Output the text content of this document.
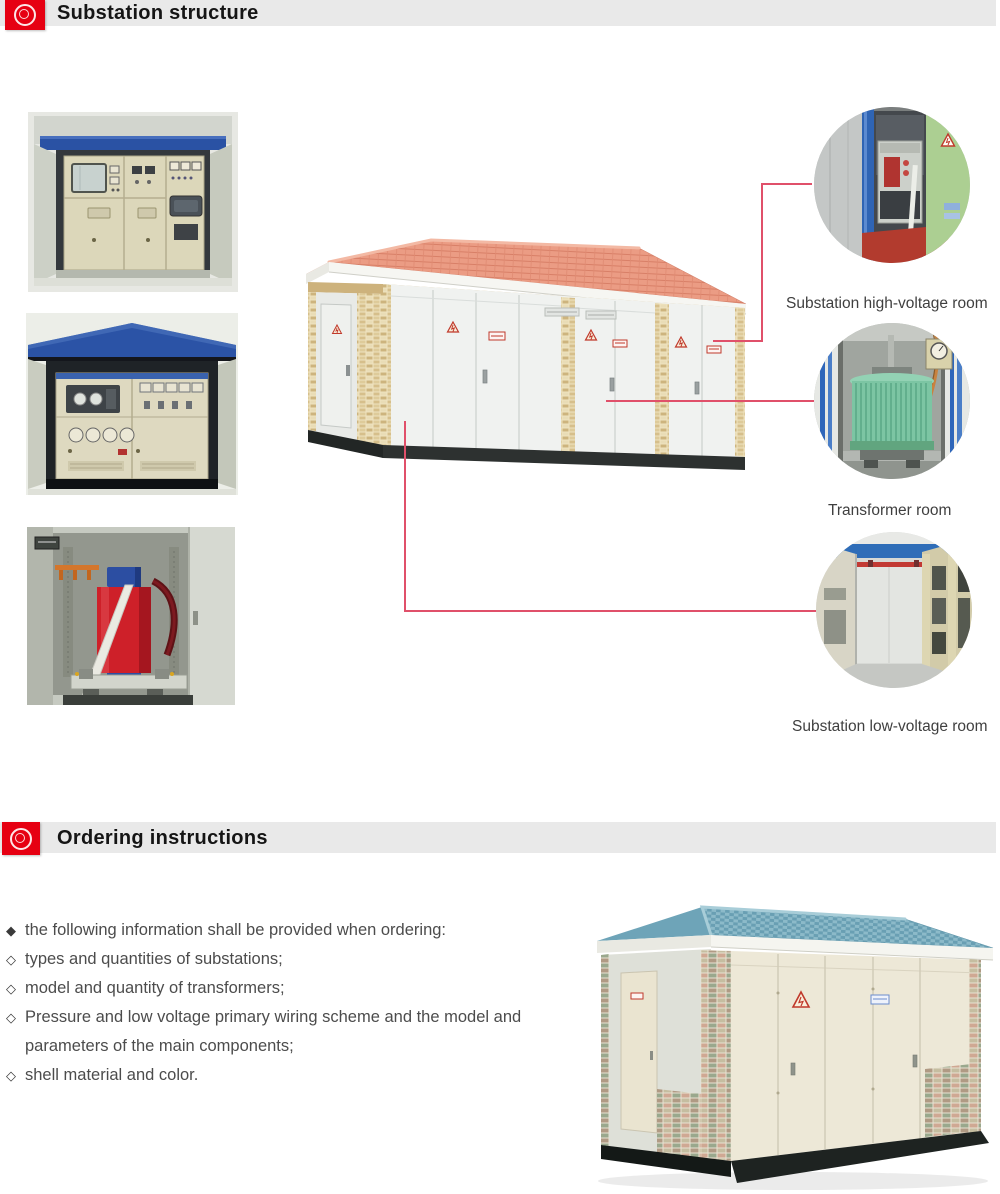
Substation structure
Substation high-voltage room
Transformer room
Substation low-voltage room
Ordering instructions
◆ the following information shall be provided when ordering:
◇ types and quantities of substations;
◇ model and quantity of transformers;
◇ Pressure and low voltage primary wiring scheme and the model and parameters of the main components;
◇ shell material and color.
